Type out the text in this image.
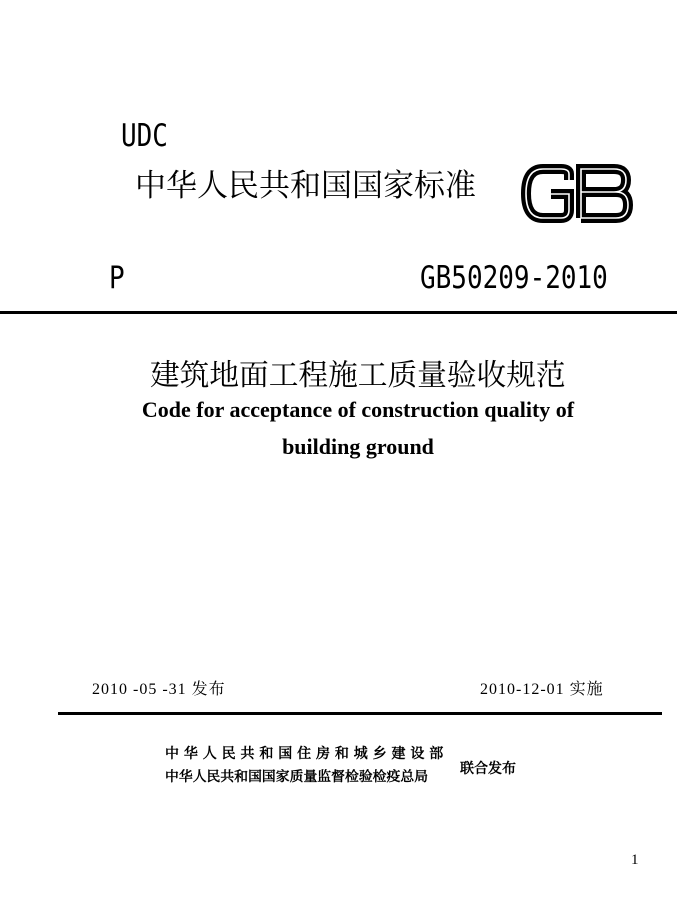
UDC
中华人民共和国国家标准
P	GB50209-2010
建筑地面工程施工质量验收规范
Code for acceptance of construction quality of
building ground
2010 -05 -31 发布	2010-12-01 实施
中 华 人 民 共 和 国 住 房 和 城 乡 建 设 部
中华人民共和国国家质量监督检验检疫总局 联合发布
1
